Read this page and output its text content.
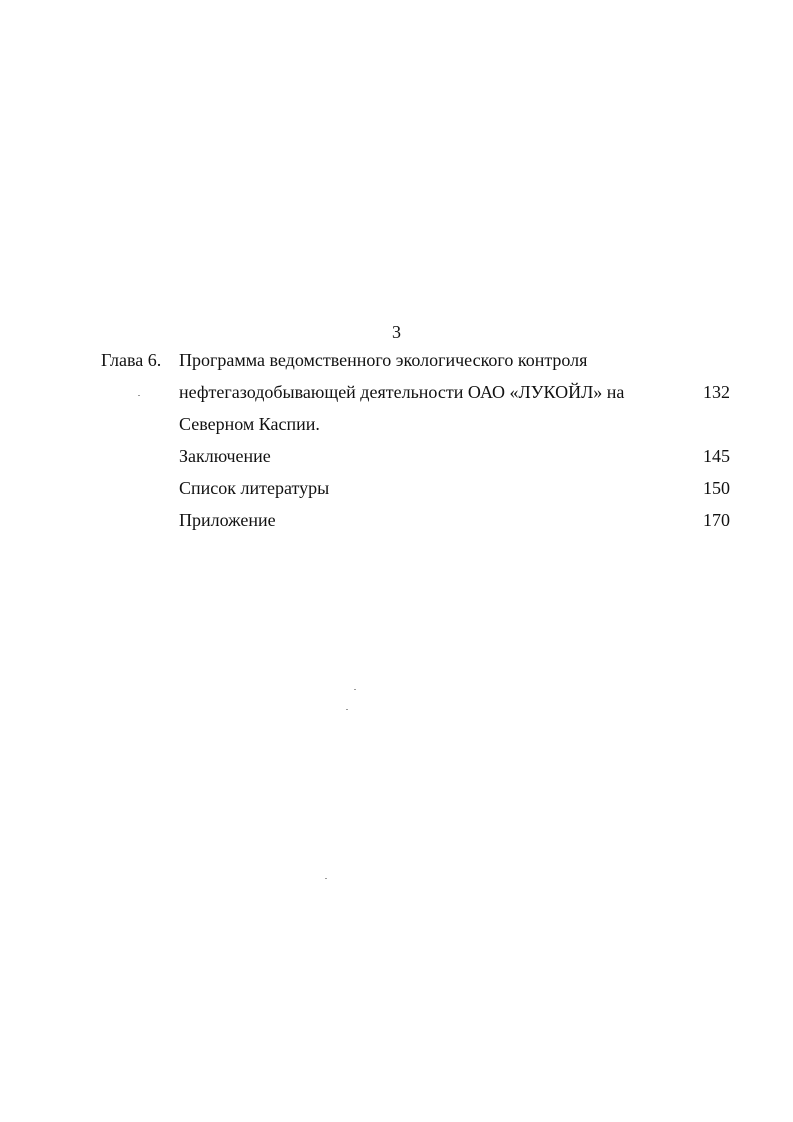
3
Глава 6. Программа ведомственного экологического контроля
нефтегазодобывающей деятельности ОАО «ЛУКОЙЛ» на	132
Северном Каспии.
Заключение	145
Список литературы	150
Приложение	170
